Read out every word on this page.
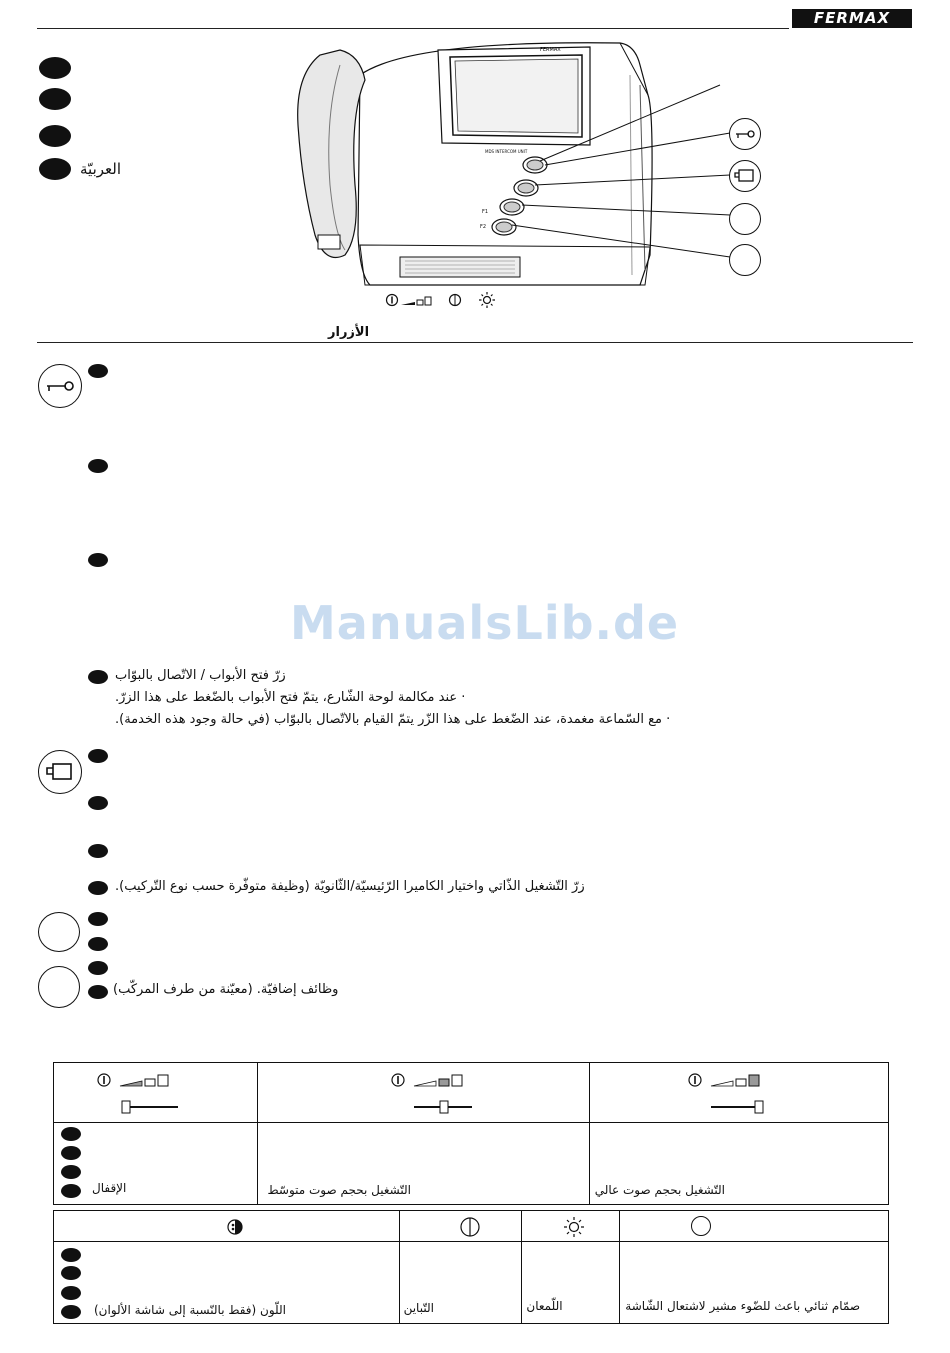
FERMAX
العربيّة
FERMAX
MDS INTERCOM UNIT
F1
F2
الأزرار
ManualsLib.de
زرّ فتح الأبواب / الاتّصال بالبوّاب
· عند مكالمة لوحة الشّارع، يتمّ فتح الأبواب بالضّغط على هذا الزرّ.
· مع السّماعة مغمدة، عند الضّغط على هذا الزّر يتمّ القيام بالاتّصال بالبوّاب (في حالة وجود هذه الخدمة).
زرّ التّشغيل الذّاتي واختيار الكاميرا الرّئيسيّة/الثّانويّة (وظيفة متوفّرة حسب نوع التّركيب).
وظائف إضافيّة. (معيّنة من طرف المركّب)

الإقفال	التّشغيل بحجم صوت متوسّط	التّشغيل بحجم صوت عالي

اللّون (فقط بالنّسبة إلى شاشة الألوان)	التّباين	اللّمعان	صمّام ثنائي باعث للضّوء مشير لاشتعال الشّاشة
